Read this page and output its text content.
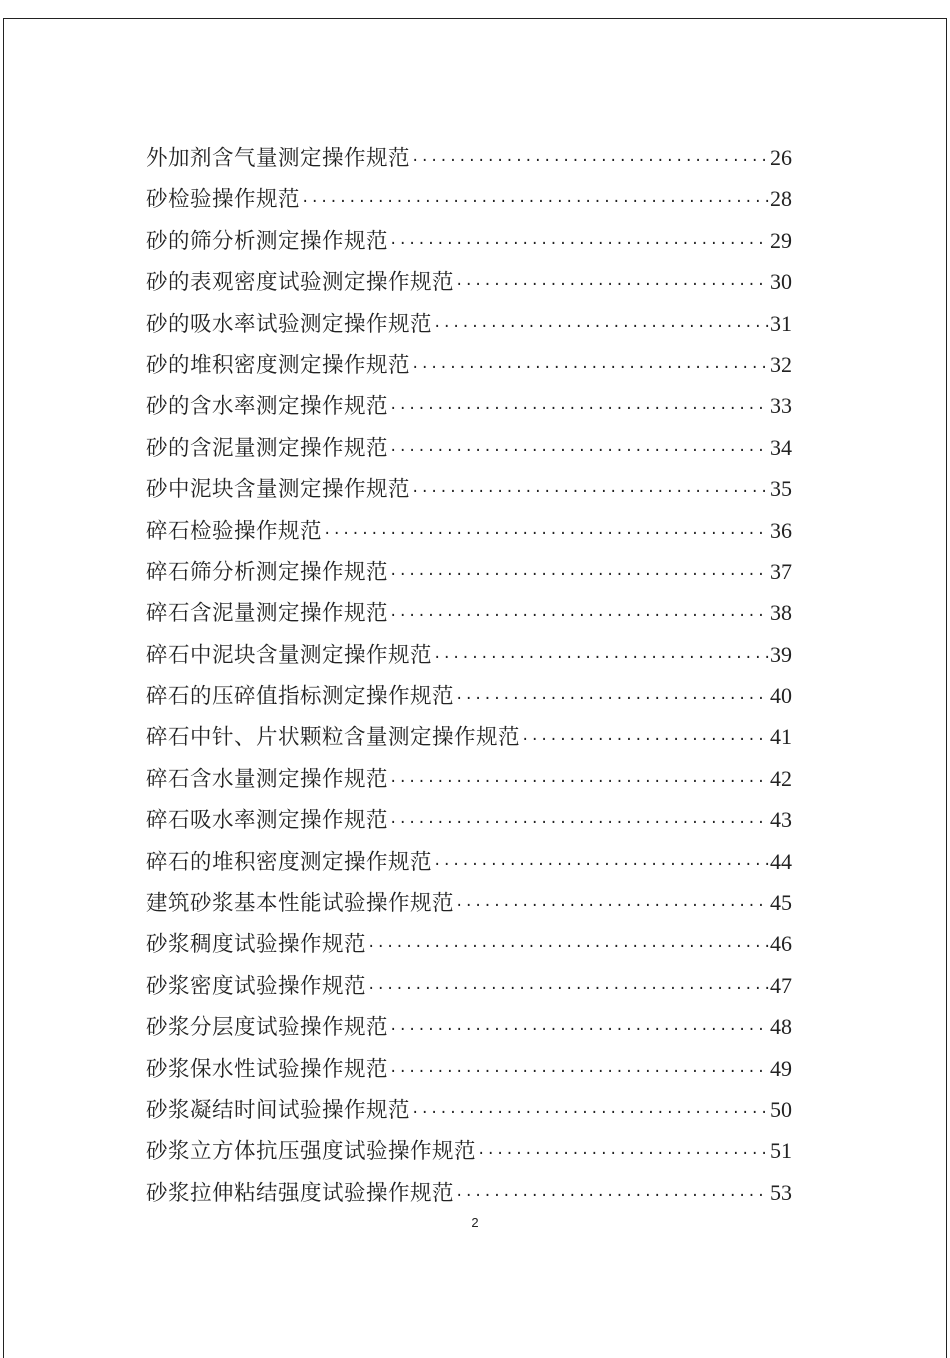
外加剂含气量测定操作规范 ·····	26
砂检验操作规范 ·····	28
砂的筛分析测定操作规范 ·····	29
砂的表观密度试验测定操作规范 ·····	30
砂的吸水率试验测定操作规范 ·····	31
砂的堆积密度测定操作规范 ·····	32
砂的含水率测定操作规范 ·····	33
砂的含泥量测定操作规范 ·····	34
砂中泥块含量测定操作规范 ·····	35
碎石检验操作规范 ·····	36
碎石筛分析测定操作规范 ·····	37
碎石含泥量测定操作规范 ·····	38
碎石中泥块含量测定操作规范 ·····	39
碎石的压碎值指标测定操作规范 ·····	40
碎石中针、片状颗粒含量测定操作规范 ·····	41
碎石含水量测定操作规范 ·····	42
碎石吸水率测定操作规范 ·····	43
碎石的堆积密度测定操作规范 ·····	44
建筑砂浆基本性能试验操作规范 ·····	45
砂浆稠度试验操作规范 ·····	46
砂浆密度试验操作规范 ·····	47
砂浆分层度试验操作规范 ·····	48
砂浆保水性试验操作规范 ·····	49
砂浆凝结时间试验操作规范 ·····	50
砂浆立方体抗压强度试验操作规范 ·····	51
砂浆拉伸粘结强度试验操作规范 ·····	53
2
